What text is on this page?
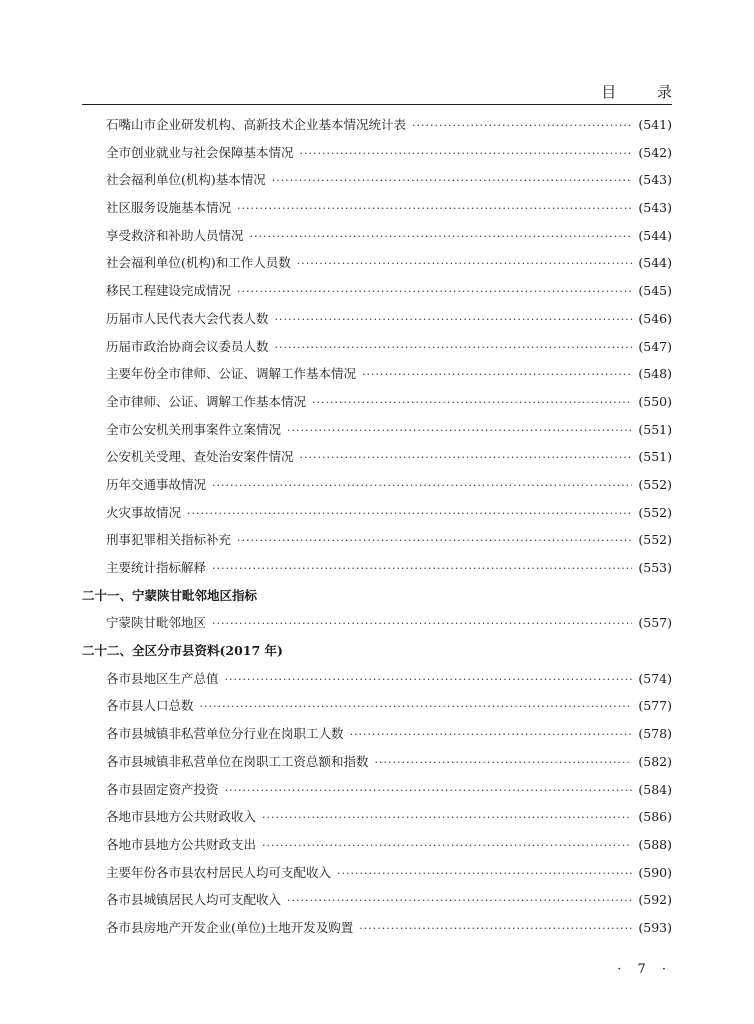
目 录
石嘴山市企业研发机构、高新技术企业基本情况统计表 ·····	(541)
全市创业就业与社会保障基本情况 ·····	(542)
社会福利单位(机构)基本情况 ·····	(543)
社区服务设施基本情况 ·····	(543)
享受救济和补助人员情况 ·····	(544)
社会福利单位(机构)和工作人员数 ·····	(544)
移民工程建设完成情况 ·····	(545)
历届市人民代表大会代表人数 ·····	(546)
历届市政治协商会议委员人数 ·····	(547)
主要年份全市律师、公证、调解工作基本情况 ·····	(548)
全市律师、公证、调解工作基本情况 ·····	(550)
全市公安机关刑事案件立案情况 ·····	(551)
公安机关受理、查处治安案件情况 ·····	(551)
历年交通事故情况 ·····	(552)
火灾事故情况 ·····	(552)
刑事犯罪相关指标补充 ·····	(552)
主要统计指标解释 ·····	(553)
二十一、宁蒙陕甘毗邻地区指标
宁蒙陕甘毗邻地区 ·····	(557)
二十二、全区分市县资料(2017 年)
各市县地区生产总值 ·····	(574)
各市县人口总数 ·····	(577)
各市县城镇非私营单位分行业在岗职工人数 ·····	(578)
各市县城镇非私营单位在岗职工工资总额和指数 ·····	(582)
各市县固定资产投资 ·····	(584)
各地市县地方公共财政收入 ·····	(586)
各地市县地方公共财政支出 ·····	(588)
主要年份各市县农村居民人均可支配收入 ·····	(590)
各市县城镇居民人均可支配收入 ·····	(592)
各市县房地产开发企业(单位)土地开发及购置 ·····	(593)
· 7 ·
